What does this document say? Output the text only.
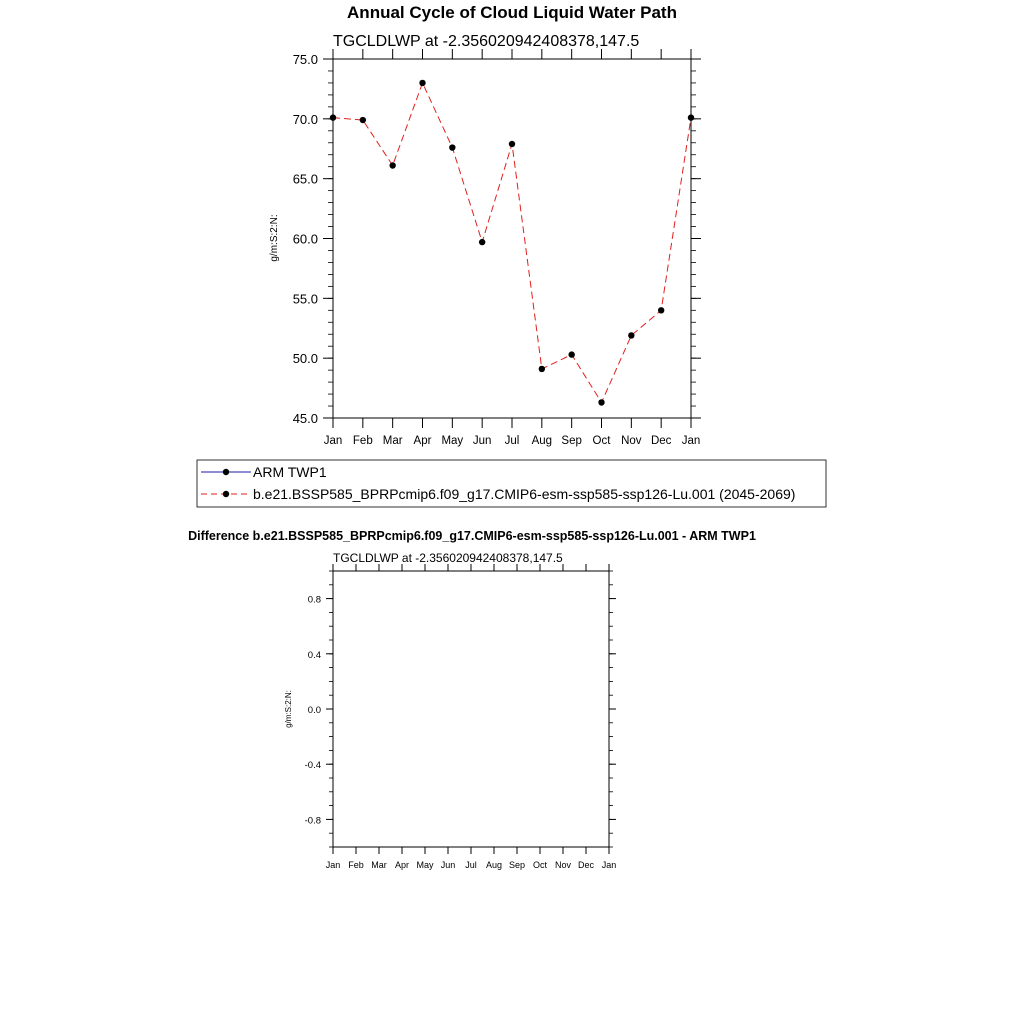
Annual Cycle of Cloud Liquid Water Path
TGCLDLWP at -2.356020942408378,147.5
g/m:S:2:N:
Jan Feb Mar Apr May Jun Jul Aug Sep Oct Nov Dec Jan
75.0
70.0
65.0
60.0
55.0
50.0
45.0
ARM TWP1
b.e21.BSSP585_BPRPcmip6.f09_g17.CMIP6-esm-ssp585-ssp126-Lu.001 (2045-2069)
Difference b.e21.BSSP585_BPRPcmip6.f09_g17.CMIP6-esm-ssp585-ssp126-Lu.001 - ARM TWP1
TGCLDLWP at -2.356020942408378,147.5
g/m:S:2:N:
Jan Feb Mar Apr May Jun Jul Aug Sep Oct Nov Dec Jan
0.8
0.4
0.0
-0.4
-0.8
